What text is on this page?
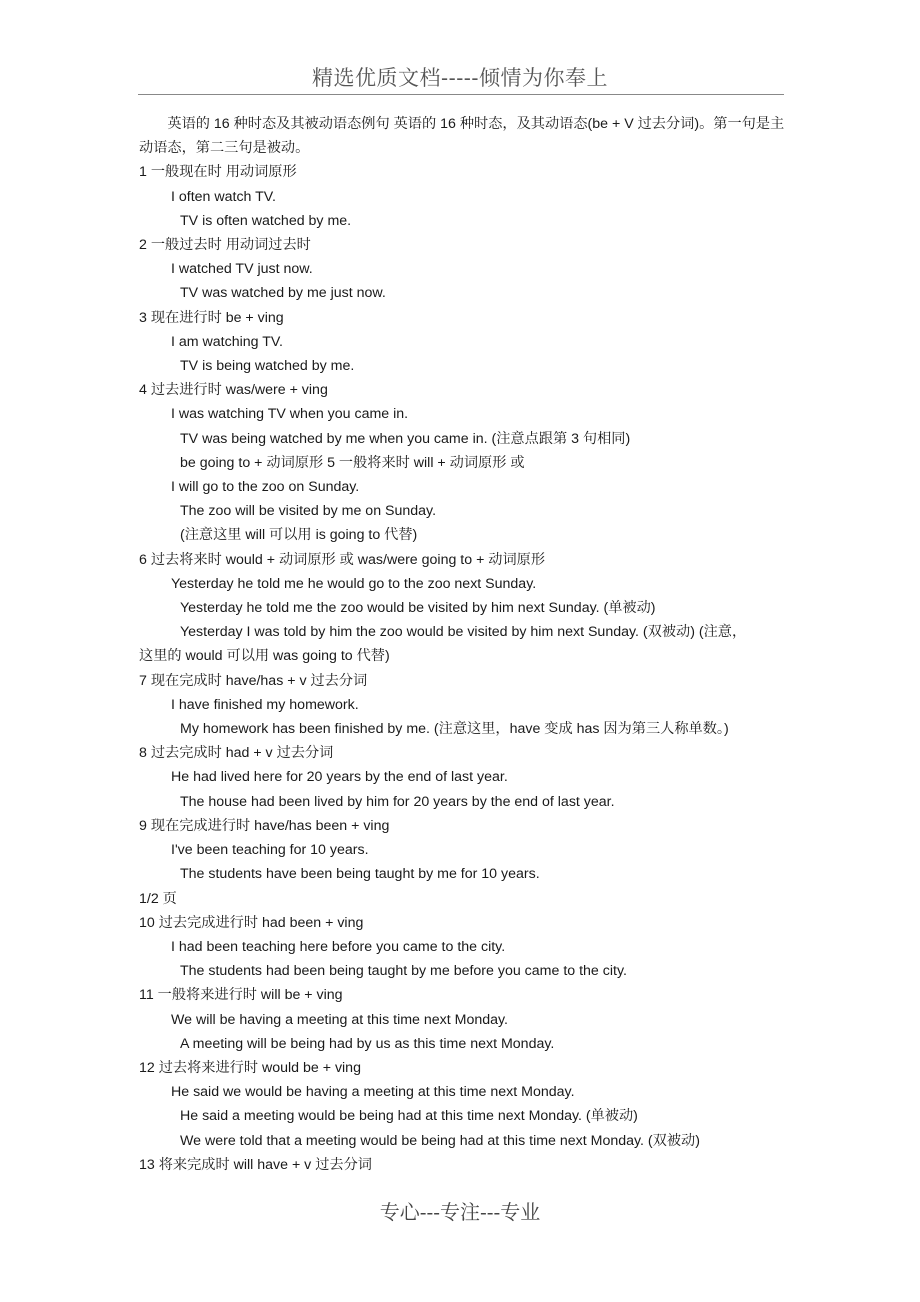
精选优质文档-----倾情为你奉上
　　英语的 16 种时态及其被动语态例句 英语的 16 种时态，及其动语态(be + V 过去分词)。第一句是主动语态，第二三句是被动。
1 一般现在时 用动词原形
I often watch TV.
TV is often watched by me.
2 一般过去时 用动词过去时
I watched TV just now.
TV was watched by me just now.
3 现在进行时 be + ving
I am watching TV.
TV is being watched by me.
4 过去进行时 was/were + ving
I was watching TV when you came in.
TV was being watched by me when you came in. (注意点跟第 3 句相同)
be going to + 动词原形 5 一般将来时 will + 动词原形 或
I will go to the zoo on Sunday.
The zoo will be visited by me on Sunday.
(注意这里 will 可以用 is going to 代替)
6 过去将来时 would + 动词原形 或 was/were going to + 动词原形
Yesterday he told me he would go to the zoo next Sunday.
Yesterday he told me the zoo would be visited by him next Sunday. (单被动)
Yesterday I was told by him the zoo would be visited by him next Sunday. (双被动) (注意，
这里的 would 可以用 was going to 代替)
7 现在完成时 have/has + v 过去分词
I have finished my homework.
My homework has been finished by me. (注意这里，have 变成 has 因为第三人称单数。)
8 过去完成时 had + v 过去分词
He had lived here for 20 years by the end of last year.
The house had been lived by him for 20 years by the end of last year.
9 现在完成进行时 have/has been + ving
I've been teaching for 10 years.
The students have been being taught by me for 10 years.
1/2 页
10 过去完成进行时 had been + ving
I had been teaching here before you came to the city.
The students had been being taught by me before you came to the city.
11 一般将来进行时 will be + ving
We will be having a meeting at this time next Monday.
A meeting will be being had by us as this time next Monday.
12 过去将来进行时 would be + ving
He said we would be having a meeting at this time next Monday.
He said a meeting would be being had at this time next Monday. (单被动)
We were told that a meeting would be being had at this time next Monday. (双被动)
13 将来完成时 will have + v 过去分词
专心---专注---专业
